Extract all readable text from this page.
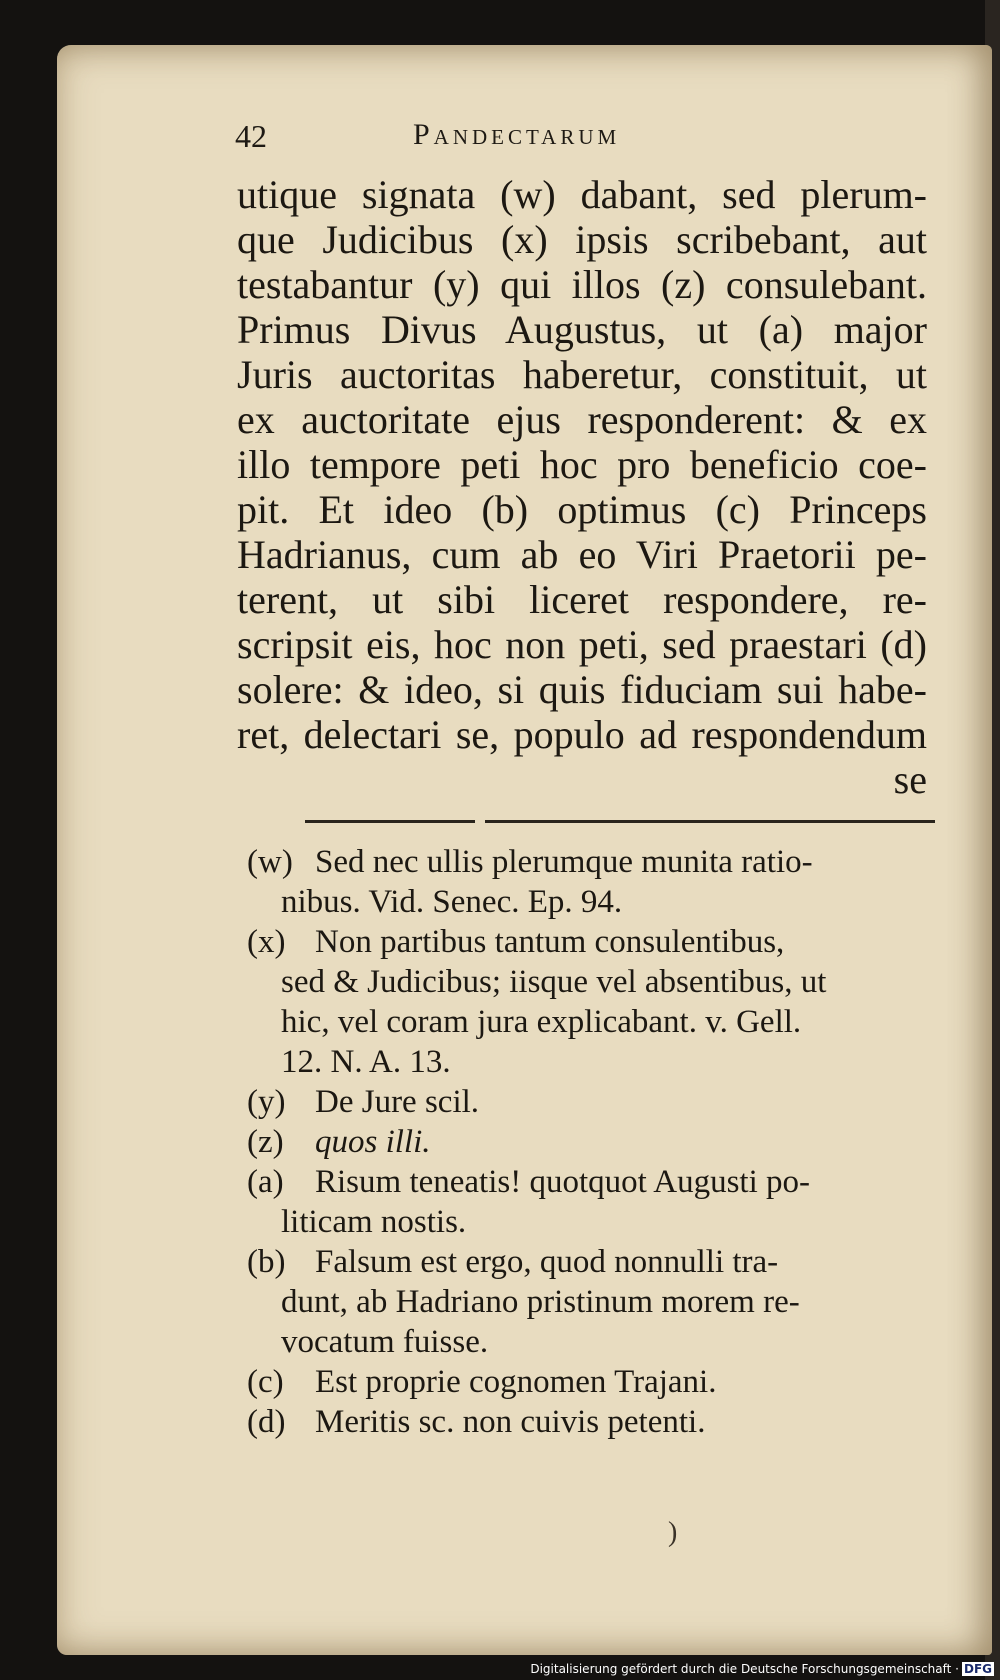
42	Pandectarum
utique signata (w) dabant, sed plerum-
que Judicibus (x) ipsis scribebant, aut
testabantur (y) qui illos (z) consulebant.
Primus Divus Augustus, ut (a) major
Juris auctoritas haberetur, constituit, ut
ex auctoritate ejus responderent: & ex
illo tempore peti hoc pro beneficio coe-
pit. Et ideo (b) optimus (c) Princeps
Hadrianus, cum ab eo Viri Praetorii pe-
terent, ut sibi liceret respondere, re-
scripsit eis, hoc non peti, sed praestari (d)
solere: & ideo, si quis fiduciam sui habe-
ret, delectari se, populo ad respondendum
se
(w) Sed nec ullis plerumque munita ratio-
nibus. Vid. Senec. Ep. 94.
(x) Non partibus tantum consulentibus,
sed & Judicibus; iisque vel absentibus, ut
hic, vel coram jura explicabant. v. Gell.
12. N. A. 13.
(y) De Jure scil.
(z) quos illi.
(a) Risum teneatis! quotquot Augusti po-
liticam nostis.
(b) Falsum est ergo, quod nonnulli tra-
dunt, ab Hadriano pristinum morem re-
vocatum fuisse.
(c) Est proprie cognomen Trajani.
(d) Meritis sc. non cuivis petenti.
)
Digitalisierung gefördert durch die Deutsche Forschungsgemeinschaft · DFG
